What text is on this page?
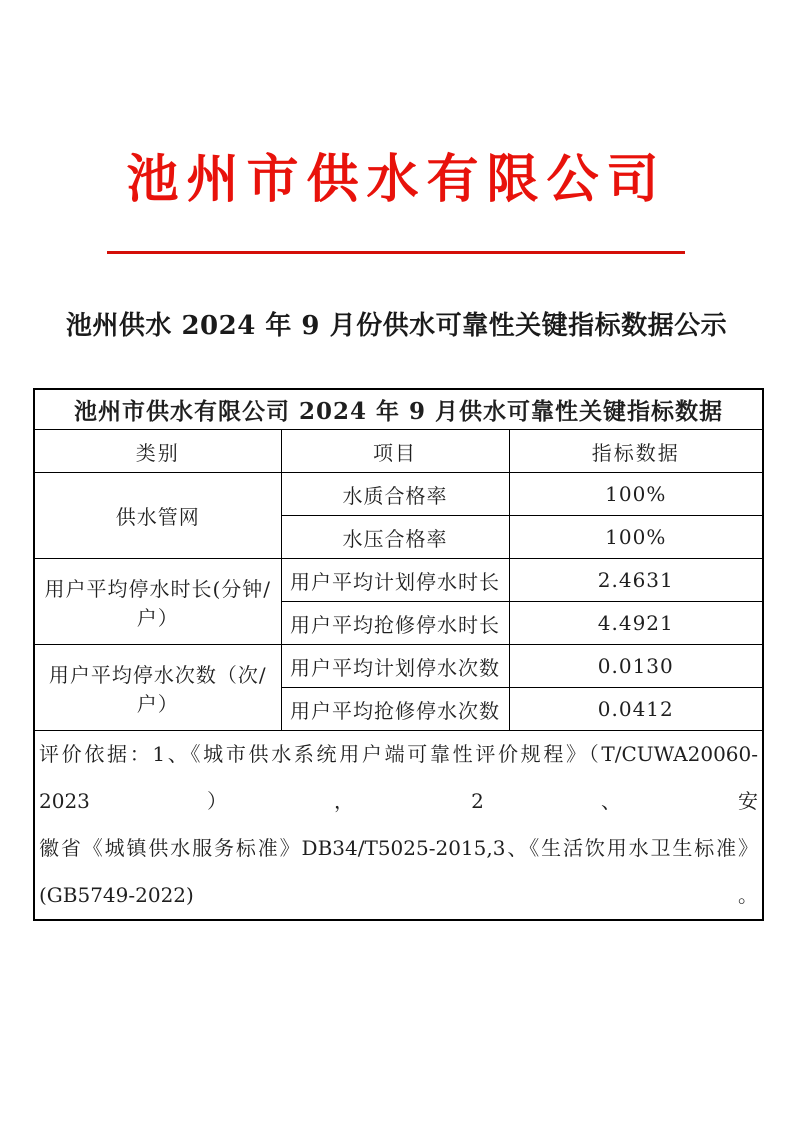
池州市供水有限公司
池州供水 2024 年 9 月份供水可靠性关键指标数据公示
池州市供水有限公司 2024 年 9 月供水可靠性关键指标数据		
类别	项目	指标数据
供水管网	水质合格率	100%
	水压合格率	100%
用户平均停水时长(分钟/户）	用户平均计划停水时长	2.4631
	用户平均抢修停水时长	4.4921
用户平均停水次数（次/户）	用户平均计划停水次数	0.0130
	用户平均抢修停水次数	0.0412

评价依据：1、《城市供水系统用户端可靠性评价规程》（T/CUWA20060-2023），2、安
徽省《城镇供水服务标准》DB34/T5025-2015,3、《生活饮用水卫生标准》(GB5749-2022)。		
